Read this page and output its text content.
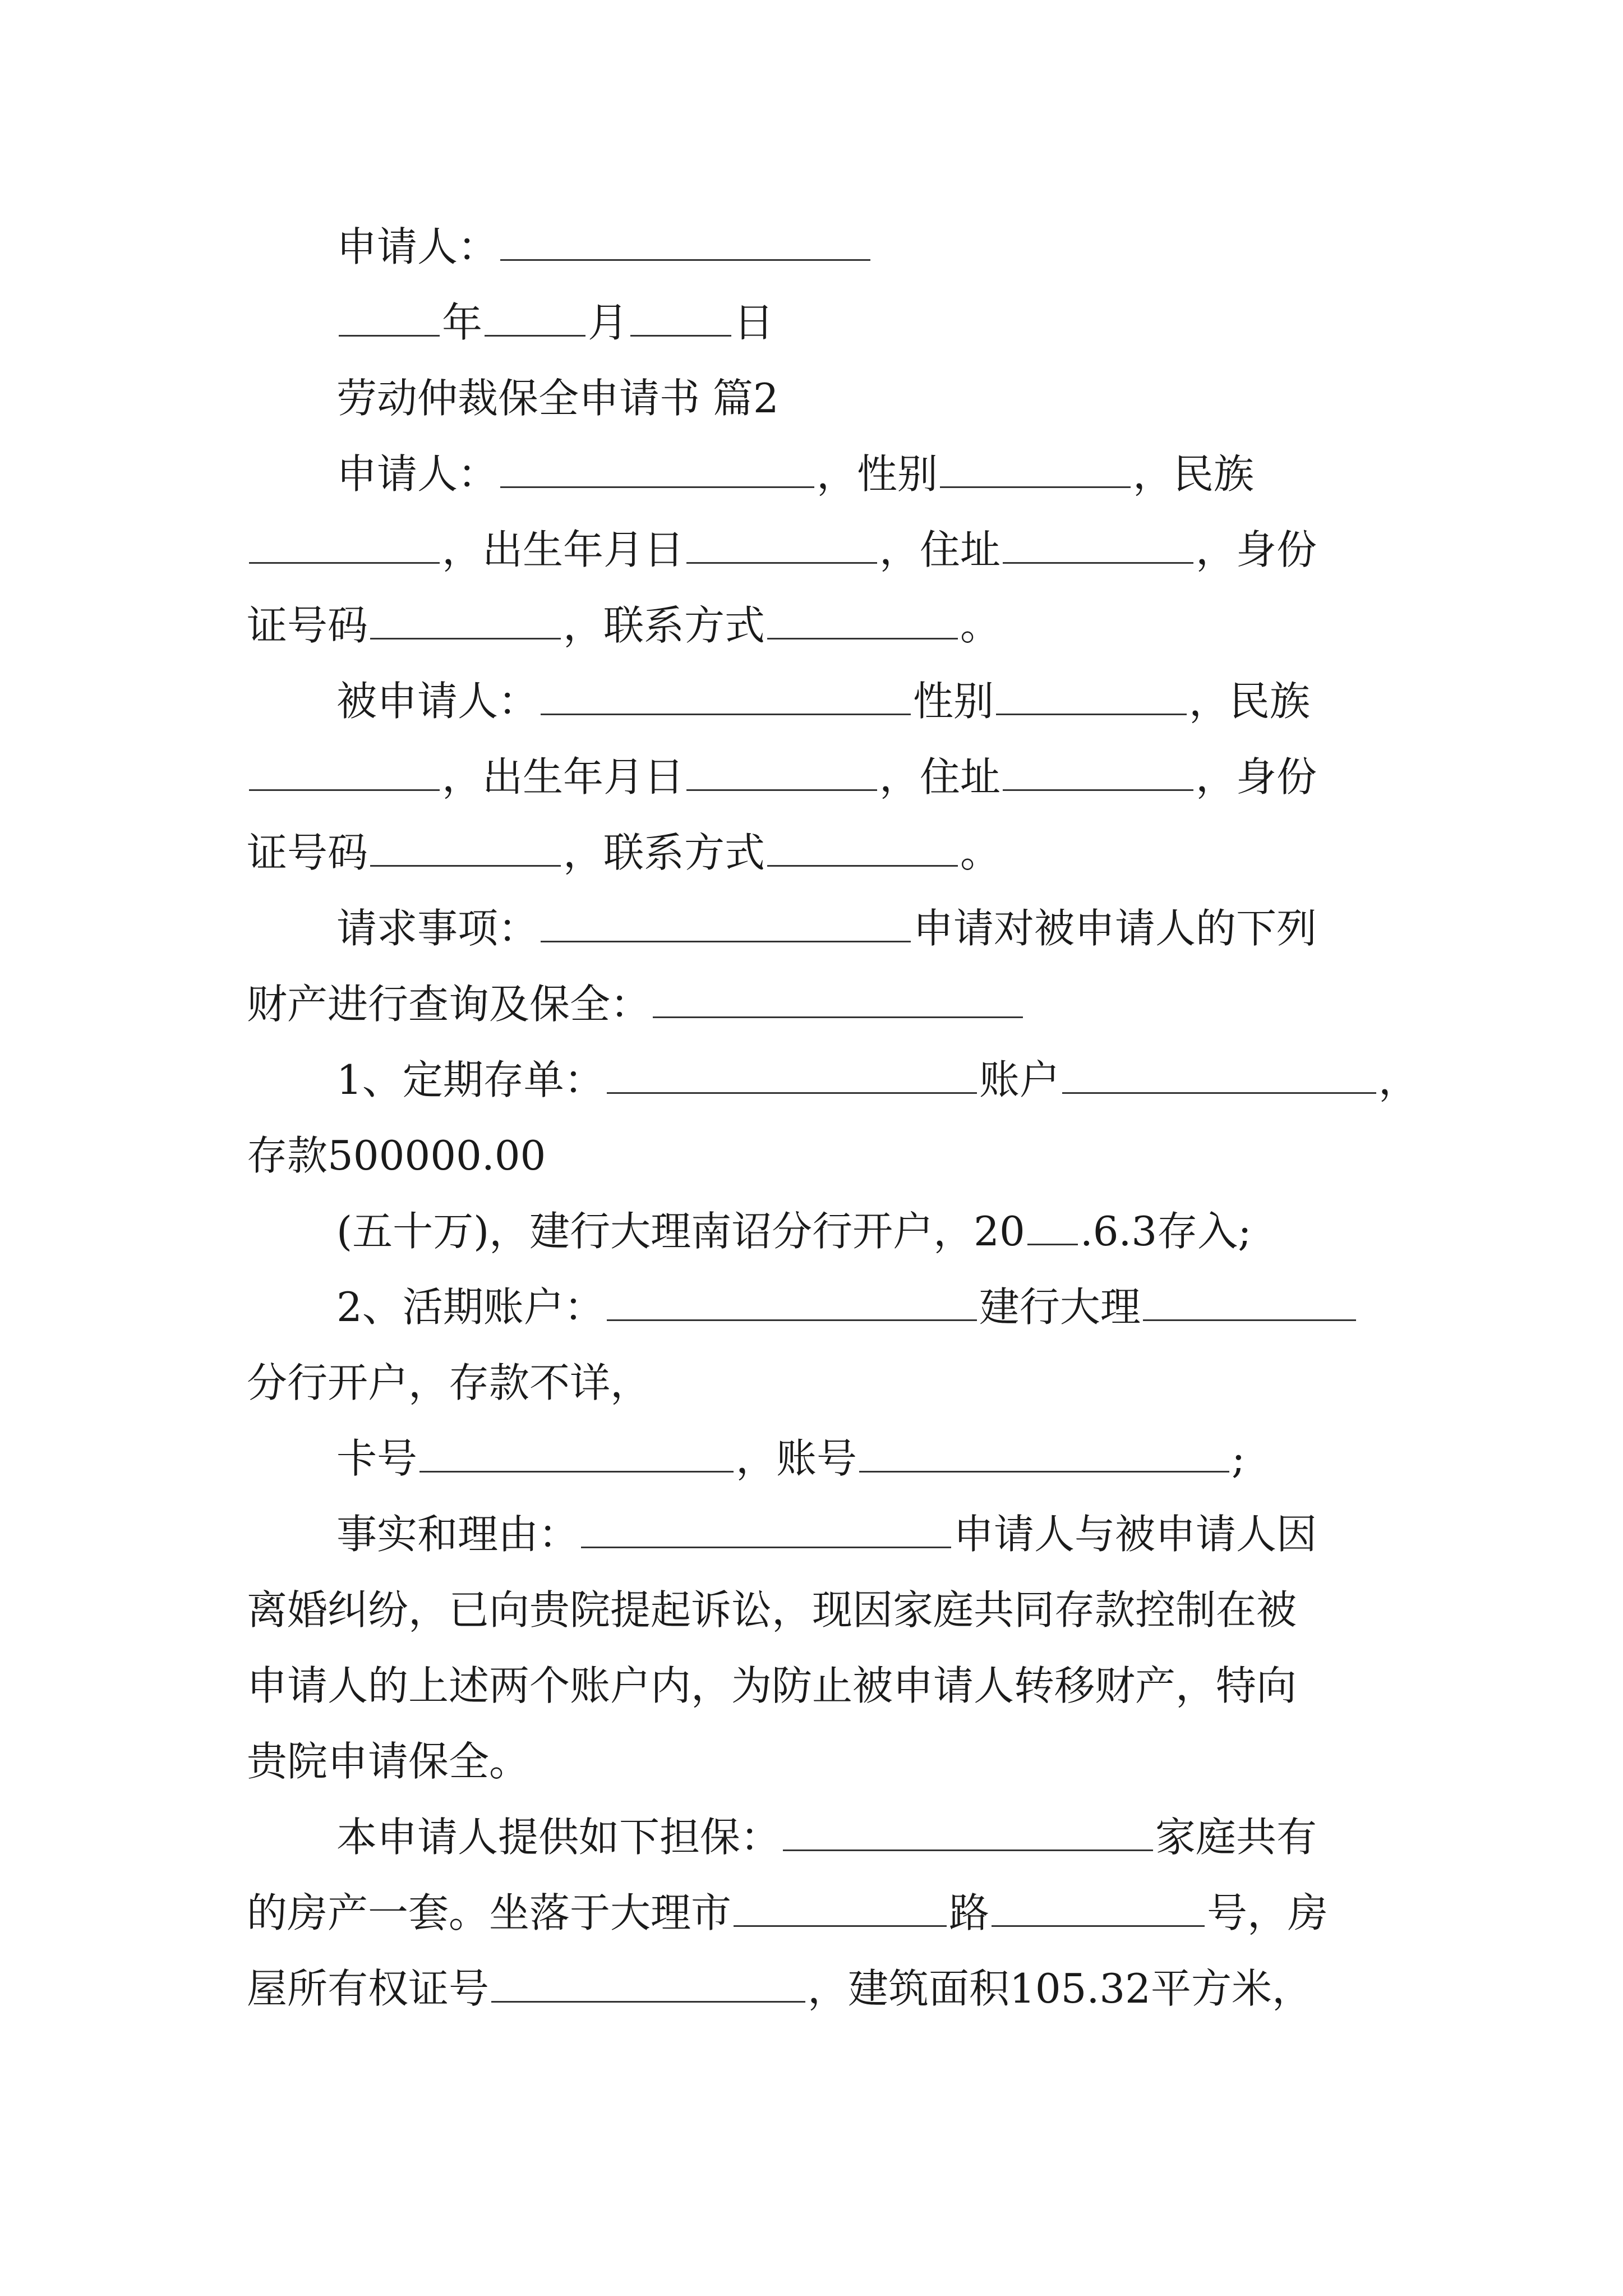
申请人：
年	月	日
劳动仲裁保全申请书 篇2
申请人：	，性别	，民族
，出生年月日	，住址	，身份
证号码	，联系方式	。
被申请人：	性别	，民族
，出生年月日	，住址	，身份
证号码	，联系方式	。
请求事项：	申请对被申请人的下列
财产进行查询及保全：
1、定期存单：	账户	，
存款500000.00
(五十万)，建行大理南诏分行开户，20 .6.3存入;
2、活期账户：	建行大理
分行开户，存款不详，
卡号	，账号	;
事实和理由：	申请人与被申请人因
离婚纠纷，已向贵院提起诉讼，现因家庭共同存款控制在被
申请人的上述两个账户内，为防止被申请人转移财产，特向
贵院申请保全。
本申请人提供如下担保：	家庭共有
的房产一套。坐落于大理市	路	号，房
屋所有权证号	，建筑面积105.32平方米，
